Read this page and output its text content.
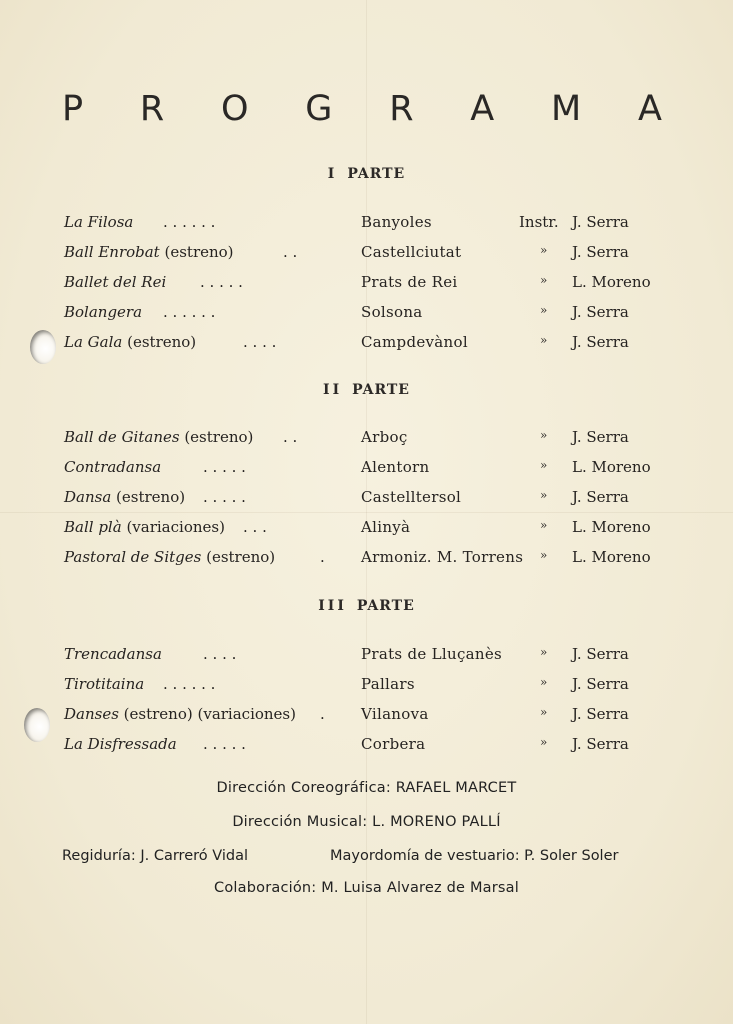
P R O G R A M A
I PARTE
La Filosa . . . . . .	Banyoles	Instr. J. Serra
Ball Enrobat (estreno)	. .	Castellciutat	» J. Serra
Ballet del Rei . . . . .	Prats de Rei	» L. Moreno
Bolangera . . . . . .	Solsona	» J. Serra
La Gala (estreno)	. . . .	Campdevànol	» J. Serra
II PARTE
Ball de Gitanes (estreno) . .	Arboç	» J. Serra
Contradansa	. . . . .	Alentorn	» L. Moreno
Dansa (estreno) . . . . .	Castelltersol	» J. Serra
Ball plà (variaciones) . . .	Alinyà	» L. Moreno
Pastoral de Sitges (estreno)	.	Armoniz. M. Torrens » L. Moreno
III PARTE
Trencadansa	. . . .	Prats de Lluçanès	» J. Serra
Tirotitaina . . . . . .	Pallars	» J. Serra
Danses (estreno) (variaciones) .	Vilanova	» J. Serra
La Disfressada . . . . .	Corbera	» J. Serra
Dirección Coreográfica: RAFAEL MARCET
Dirección Musical: L. MORENO PALLÍ
Regiduría: J. Carreró Vidal	Mayordomía de vestuario: P. Soler Soler
Colaboración: M. Luisa Alvarez de Marsal
